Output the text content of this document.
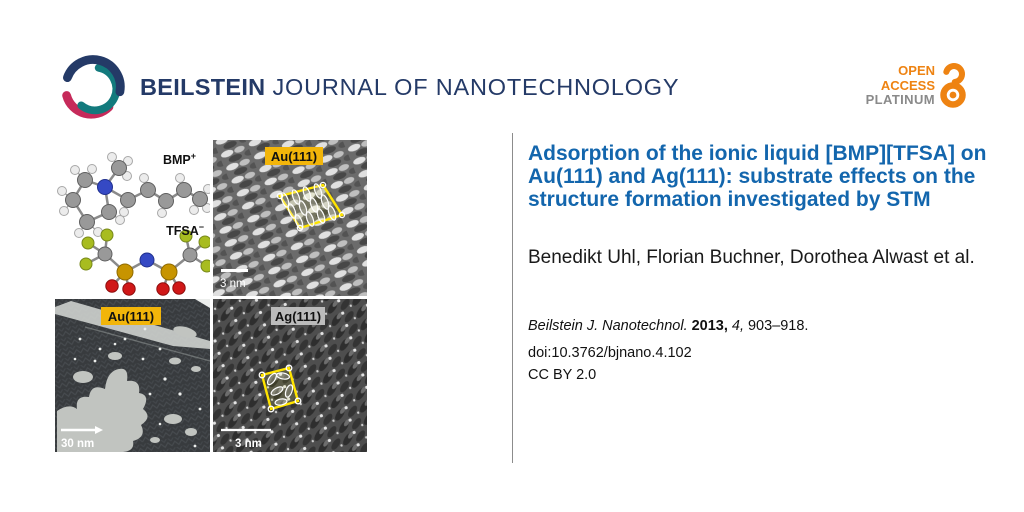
BEILSTEIN JOURNAL OF NANOTECHNOLOGY
OPEN
ACCESS
PLATINUM
BMP+
TFSA−
Au(111)
3 nm
Au(111)
30 nm
Ag(111)
3 nm
Adsorption of the ionic liquid [BMP][TFSA] on Au(111) and Ag(111): substrate effects on the structure formation investigated by STM
Benedikt Uhl, Florian Buchner, Dorothea Alwast et al.
Beilstein J. Nanotechnol. 2013, 4, 903–918.
doi:10.3762/bjnano.4.102
CC BY 2.0
